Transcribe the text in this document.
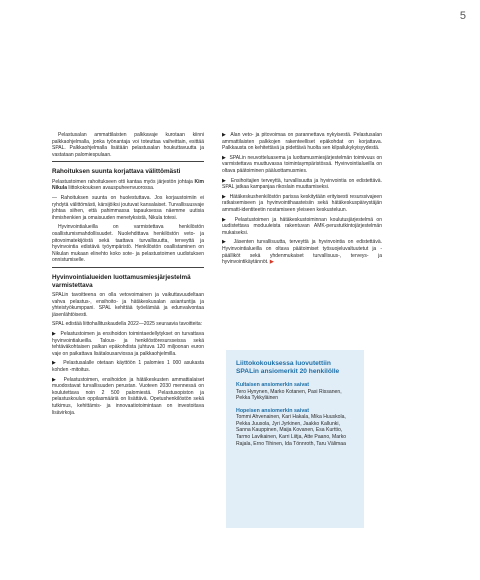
5

Pelastusalan ammattilaisten palkkavaje kurotaan kiinni palkkaohjelmalla, jonka työnantaja voi toteuttaa vaiheittain, esittää SPAL. Palkkaohjelmalla lisätään pelastusalan houkuttavuutta ja vastataan palomiespulaan.

Rahoituksen suunta korjattava välittömästi

Pelastustoimen rahoitukseen otti kantaa myös järjestön johtaja Kim Nikula liittokokouksen avauspuheenvuorossa.

— Rahoituksen suunta on huolestuttava. Jos korjaustoimiin ei ryhdytä välittömästi, kärsijöiksi joutuvat kansalaiset. Turvallisuusvaje johtaa siihen, että pahimmassa tapauksessa näemme uutisia ihmishenkien ja omaisuuden menetyksistä, Nikula totesi.

Hyvinvointialueilla on varmistettava henkilöstön osallistumismahdollisuudet. Nuolehdittava henkilöstön veto- ja pitovoimatekijöistä sekä taattava turvallisuutta, terveyttä ja hyvinvointia edistävä työympäristö. Henkilöstön osallistaminen on Nikulan mukaan elinehto koko sote- ja pelastustoimen uudistuksen onnistumiselle.

Hyvinvointialueiden luottamusmiesjärjestelmä varmistettava

SPALin tavoitteena on olla vetovoimainen ja vaikuttavuudeltaan vahva pelastus-, ensihoito- ja hätäkeskusalan asiantuntija ja yhteistyökumppani. SPAL kehittää työelämää ja edunvalvontaa jäsenlähtöisesti.

SPAL edistää liittohallituskaudella 2022—2025 seuraavia tavoitteita:

▶ Pelastustoimen ja ensihoidon toimintaedellytykset on turvattava hyvinvointialueilla. Talous- ja henkilöstöresursseissa sekä tehtäväkohtaisen palkan epäkohdista juhtuva 120 miljoonan euron vaje on paikattava lisätalousarviossa ja palkkaohjelmilla.
▶ Pelastusalalle otetaan käyttöön 1 palomies 1 000 asukasta kohden -mitoitus.
▶ Pelastustoimen, ensihoidon ja hätäkeskusten ammattialaiset muodostavat turvallisuuden perustan. Vuoteen 2030 mennessä on koulutettava noin 2 500 palomiestä. Pelastusopiston ja pelastuskoulun oppilasmääriä on lisättävä. Opetushenkilöstön sekä tutkimus, kehittämis- ja innovaatiotoimintaan on investoitava lisävirkoja.
▶ Alan veto- ja pitovoimaa on parannettava nykyisestä. Pelastusalan ammattilaisten palkkojen rakenteelliset epäkohdat on korjattava. Palkkausta on kehitettävä ja pidettävä huolta sen kilpailukykyisyydestä.
▶ SPALin neuvotteluasema ja luottamusmiesjärjestelmän toimivuus on varmistettava muuttuvassa toimintaympäristössä. Hyvinvointialueilla on oltava päätoiminen pääluottamusmies.
▶ Ensihoitajien terveyttä, turvallisuutta ja hyvinvointia on edistettävä. SPAL jatkaa kampanjaa rikoslain muuttamiseksi.
▶ Hätäkeskushenkilöstön parissa keskitytään erityisesti resurssivajeen ratkaisemiseen ja hyvinvointihaasteisiin sekä hätäkeskuspäivystäjän ammatti-identiteetin nostamiseen yleiseen keskusteluun.
▶ Pelastustoimen ja hätäkeskustoiminnan koulutusjärjestelmä on uudistettava moduuleista rakentuvan AMK-perustutkintojärjestelmän mukaiseksi.
▶ Jäsenten turvallisuutta, terveyttä ja hyvinvointia on edistettävä. Hyvinvointialueilla on oltava päätoimiset työsuojeluvaltuutetut ja -päälliköt sekä yhdenmukaiset turvallisuus-, terveys- ja hyvinvointikäytännöt. ▶
Liittokokouksessa luovutettiin SPALin ansiomerkit 20 henkilölle
Kultaisen ansiomerkin saivat
Tero Hynynen, Marko Kotanen, Pasi Rissanen, Pekka Tykkyläinen
Hopeisen ansiomerkin saivat
Tommi Ahvenainen, Kari Hakala, Mika Huuskola, Pekka Juusola, Jyri Jyrkinen, Jaakko Kallunki, Sanna Kauppinen, Maija Kovanen, Esa Kurttio, Tarmo Lavikainen, Karri Liitja, Atte Paano, Marko Rajala, Erno Tihinen, Ida Tönnroth, Taru Välimaa
